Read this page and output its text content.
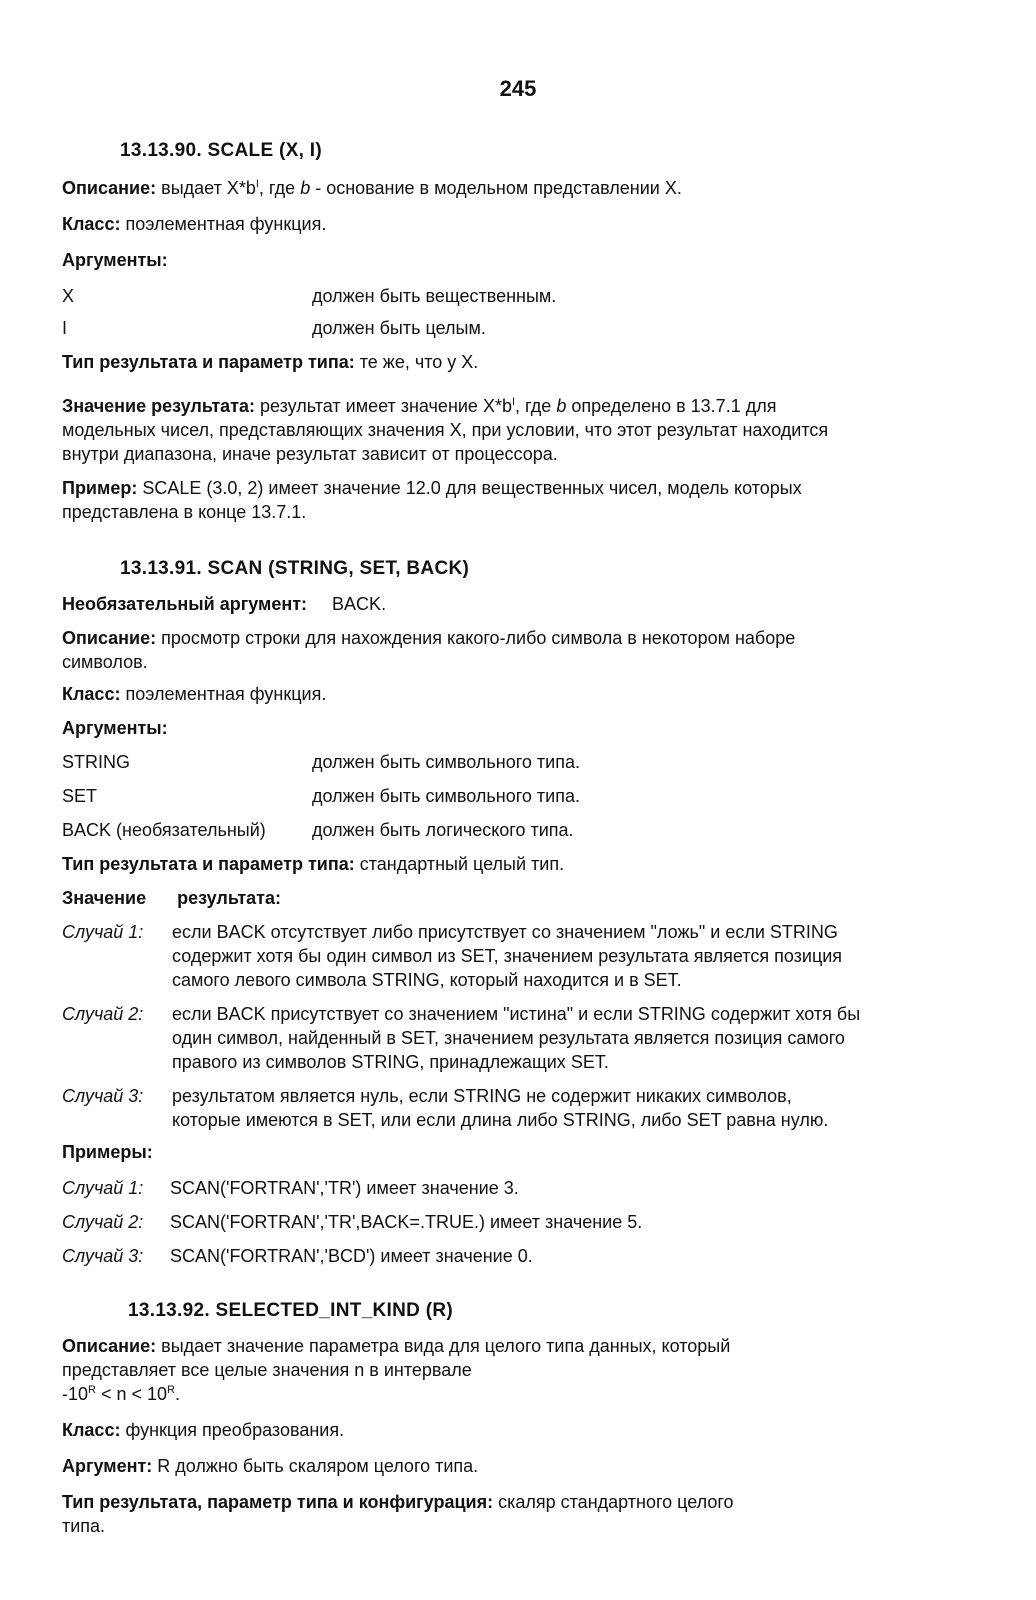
245
13.13.90. SCALE (X, I)
Описание: выдает $X*b^I$, где b - основание в модельном представлении X.
Класс: поэлементная функция.
Аргументы:
X	должен быть вещественным.
I	должен быть целым.
Тип результата и параметр типа: те же, что у X.
Значение результата: результат имеет значение $X*b^I$, где b определено в 13.7.1 для
модельных чисел, представляющих значения X, при условии, что этот результат находится
внутри диапазона, иначе результат зависит от процессора.
Пример: SCALE (3.0, 2) имеет значение 12.0 для вещественных чисел, модель которых
представлена в конце 13.7.1.
13.13.91. SCAN (STRING, SET, BACK)
Необязательный аргумент: BACK.
Описание: просмотр строки для нахождения какого-либо символа в некотором наборе
символов.
Класс: поэлементная функция.
Аргументы:
STRING	должен быть символьного типа.
SET	должен быть символьного типа.
BACK (необязательный)	должен быть логического типа.
Тип результата и параметр типа: стандартный целый тип.
Значение результата:
Случай 1: если BACK отсутствует либо присутствует со значением "ложь" и если STRING
содержит хотя бы один символ из SET, значением результата является позиция
самого левого символа STRING, который находится и в SET.
Случай 2: если BACK присутствует со значением "истина" и если STRING содержит хотя бы
один символ, найденный в SET, значением результата является позиция самого
правого из символов STRING, принадлежащих SET.
Случай 3: результатом является нуль, если STRING не содержит никаких символов,
которые имеются в SET, или если длина либо STRING, либо SET равна нулю.
Примеры:
Случай 1: SCAN('FORTRAN','TR') имеет значение 3.
Случай 2: SCAN('FORTRAN','TR',BACK=.TRUE.) имеет значение 5.
Случай 3: SCAN('FORTRAN','BCD') имеет значение 0.
13.13.92. SELECTED_INT_KIND (R)
Описание: выдает значение параметра вида для целого типа данных, который
представляет все целые значения n в интервале
$-10^R < n < 10^R$.
Класс: функция преобразования.
Аргумент: R должно быть скаляром целого типа.
Тип результата, параметр типа и конфигурация: скаляр стандартного целого
типа.
